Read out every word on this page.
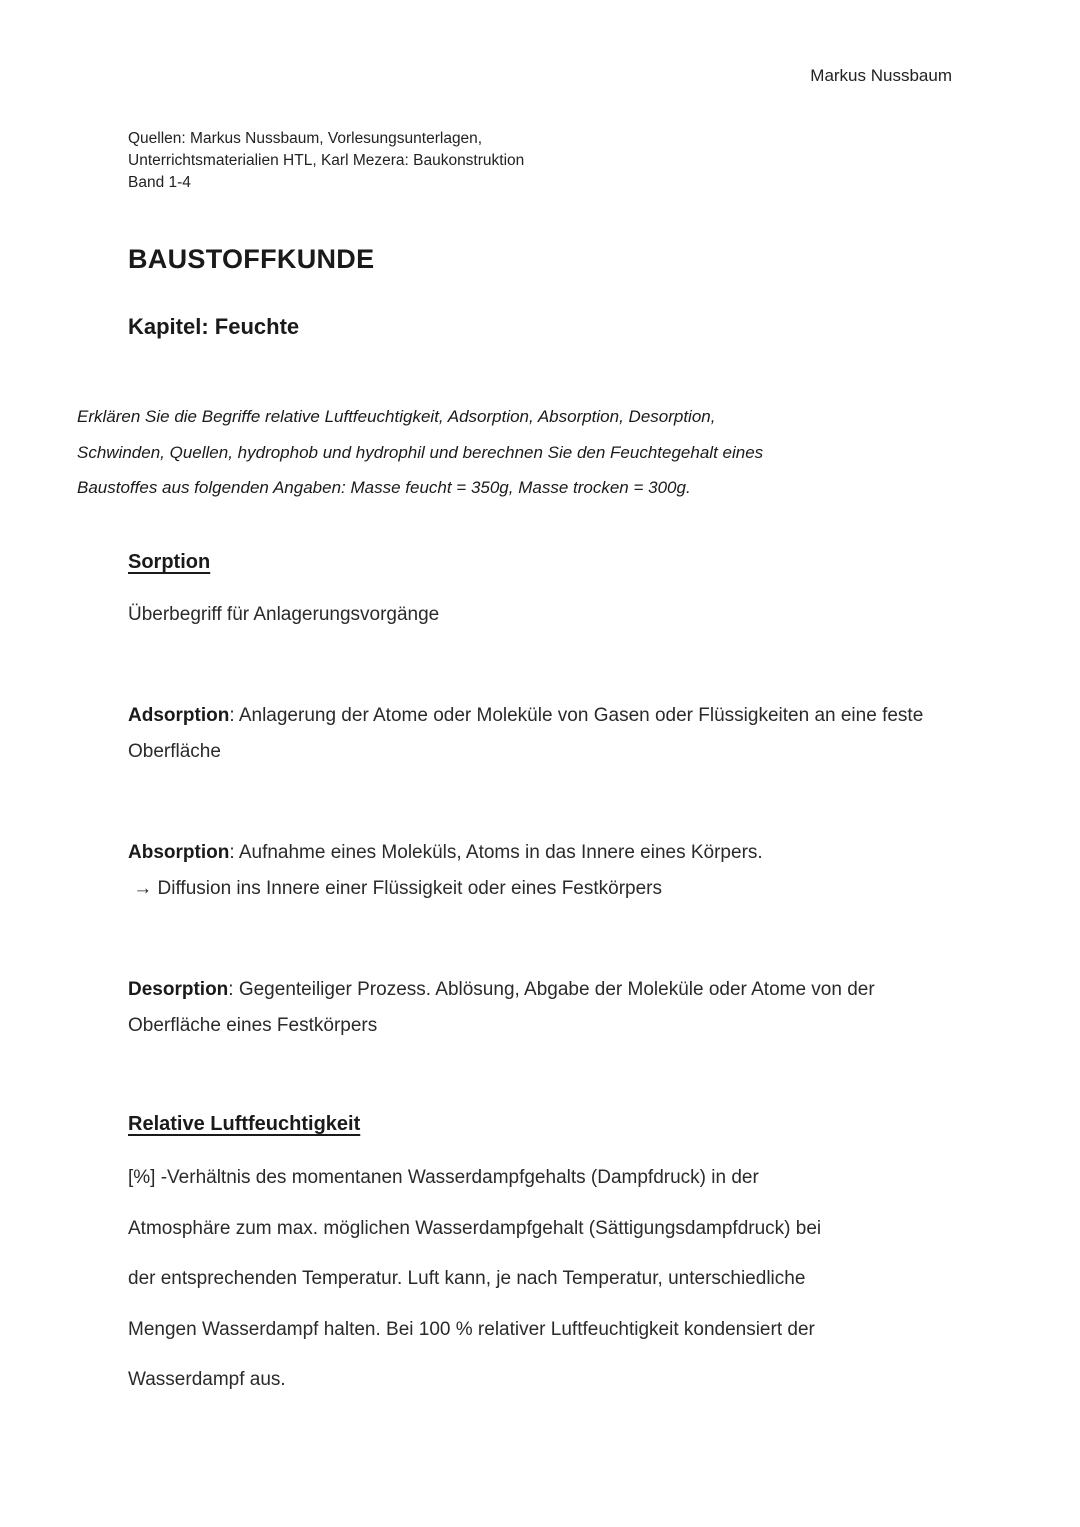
Markus Nussbaum
Quellen: Markus Nussbaum, Vorlesungsunterlagen,
Unterrichtsmaterialien HTL, Karl Mezera: Baukonstruktion
Band 1-4
BAUSTOFFKUNDE
Kapitel: Feuchte
Erklären Sie die Begriffe relative Luftfeuchtigkeit, Adsorption, Absorption, Desorption,
Schwinden, Quellen, hydrophob und hydrophil und berechnen Sie den Feuchtegehalt eines
Baustoffes aus folgenden Angaben: Masse feucht = 350g, Masse trocken = 300g.
Sorption
Überbegriff für Anlagerungsvorgänge
Adsorption: Anlagerung der Atome oder Moleküle von Gasen oder Flüssigkeiten an eine feste Oberfläche
Absorption: Aufnahme eines Moleküls, Atoms in das Innere eines Körpers.
→ Diffusion ins Innere einer Flüssigkeit oder eines Festkörpers
Desorption: Gegenteiliger Prozess. Ablösung, Abgabe der Moleküle oder Atome von der Oberfläche eines Festkörpers
Relative Luftfeuchtigkeit
[%] -Verhältnis des momentanen Wasserdampfgehalts (Dampfdruck) in der
Atmosphäre zum max. möglichen Wasserdampfgehalt (Sättigungsdampfdruck) bei
der entsprechenden Temperatur. Luft kann, je nach Temperatur, unterschiedliche
Mengen Wasserdampf halten. Bei 100 % relativer Luftfeuchtigkeit kondensiert der
Wasserdampf aus.
